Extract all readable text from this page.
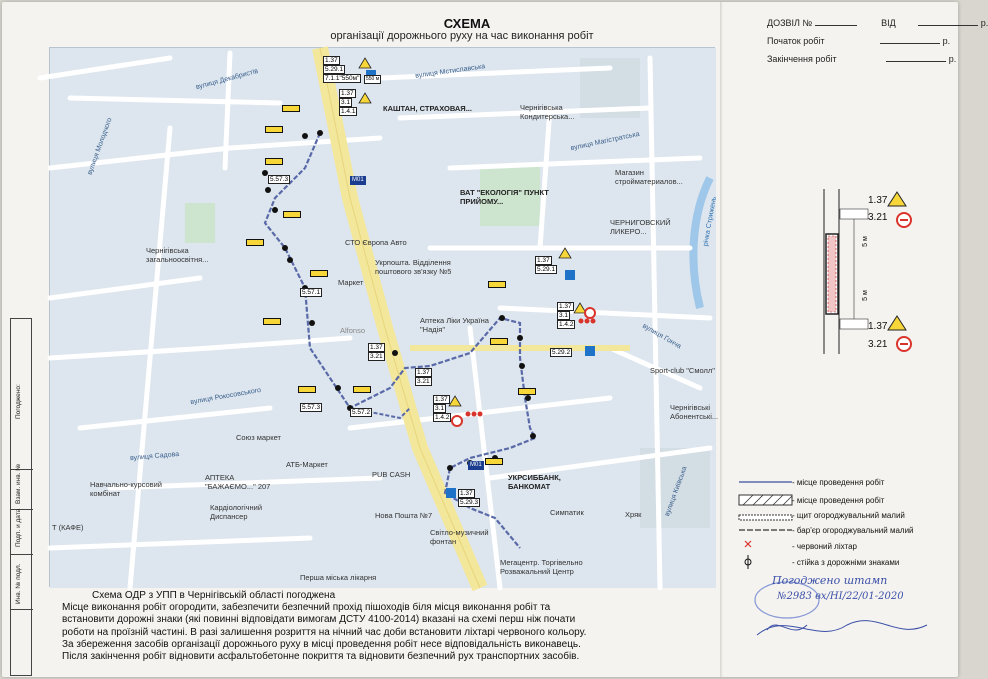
СХЕМА
організації дорожнього руху на час виконання робіт
ДОЗВІЛ №	ВІД	р.
Початок робіт	р.
Закінчення робіт	р.
1.37
3.21
1.37
3.21
5 м
5 м
вулиця Декабристів	вулиця Мстиславська
вулиця Гонча
вулиця Київська
вулиця Рокосовського
вулиця Садова
річка Стрижень
вулиця Молодчого	вулиця Магістратська
КАШТАН, СТРАХОВАЯ...	Чернігівська Кондитерська...
ВАТ "ЕКОЛОГІЯ" ПУНКТ ПРИЙОМУ...
Магазин стройматериалов...
Чернігівська загальноосвітня...
СТО Європа Авто
Укрпошта. Відділення поштового зв'язку №5
Маркет
Alfonso
Аптека Ліки Україна "Надія"
ЧЕРНИГОВСКИЙ ЛИКЕРО...
Sport-club "Смолл"
Чернігівські Абонентські...
Союз маркет
АТБ-Маркет
PUB CASH	УКРСИББАНК, БАНКОМАТ
АПТЕКА "БАЖАЄМО..." 207
Навчально-курсовий комбінат
Кардіологічний Диспансер
Т (КАФЕ)
Нова Пошта №7	Симпатик
Світло-музичний фонтан
Мегацентр. Торгівельно Розважальний Центр
Перша міська лікарня
Хряк
M01
M01
1.37
5.29.1
7.1.1"550м"	550 м
1.37
3.1
1.4.1
1.37
5.29.1
1.37
3.1
1.4.2
1.37
3.21
1.37
3.21
1.37
3.1
1.4.2
1.37
5.29.3
5.57.3
5.57.1
5.57.2
5.57.3
5.29.2
- місце проведення робіт
- місце проведення робіт
- щит огороджувальний малий
- бар'єр огороджувальний малий
- червоний ліхтар
- стійка з дорожніми знаками
Погоджено штамп
№2983 вх/НІ/22/01-2020
Погоджено:
Взам. инв. №
Подп. и дата
Инв. № подл.	Схема ОДР з УПП в Чернігівській області погоджена
Місце виконання робіт огородити, забезпечити безпечний прохід пішоходів біля місця виконання робіт та
встановити дорожні знаки (які повинні відповідати вимогам ДСТУ 4100-2014) вказані на схемі перш ніж почати
роботи на проїзній частині. В разі залишення розриття на нічний час доби встановити ліхтарі червоного кольору.
За збереження засобів організації дорожнього руху в місці проведення робіт несе відповідальність виконавець.
Після закінчення робіт відновити асфальтобетонне покриття та відновити безпечний рух транспортних засобів.
